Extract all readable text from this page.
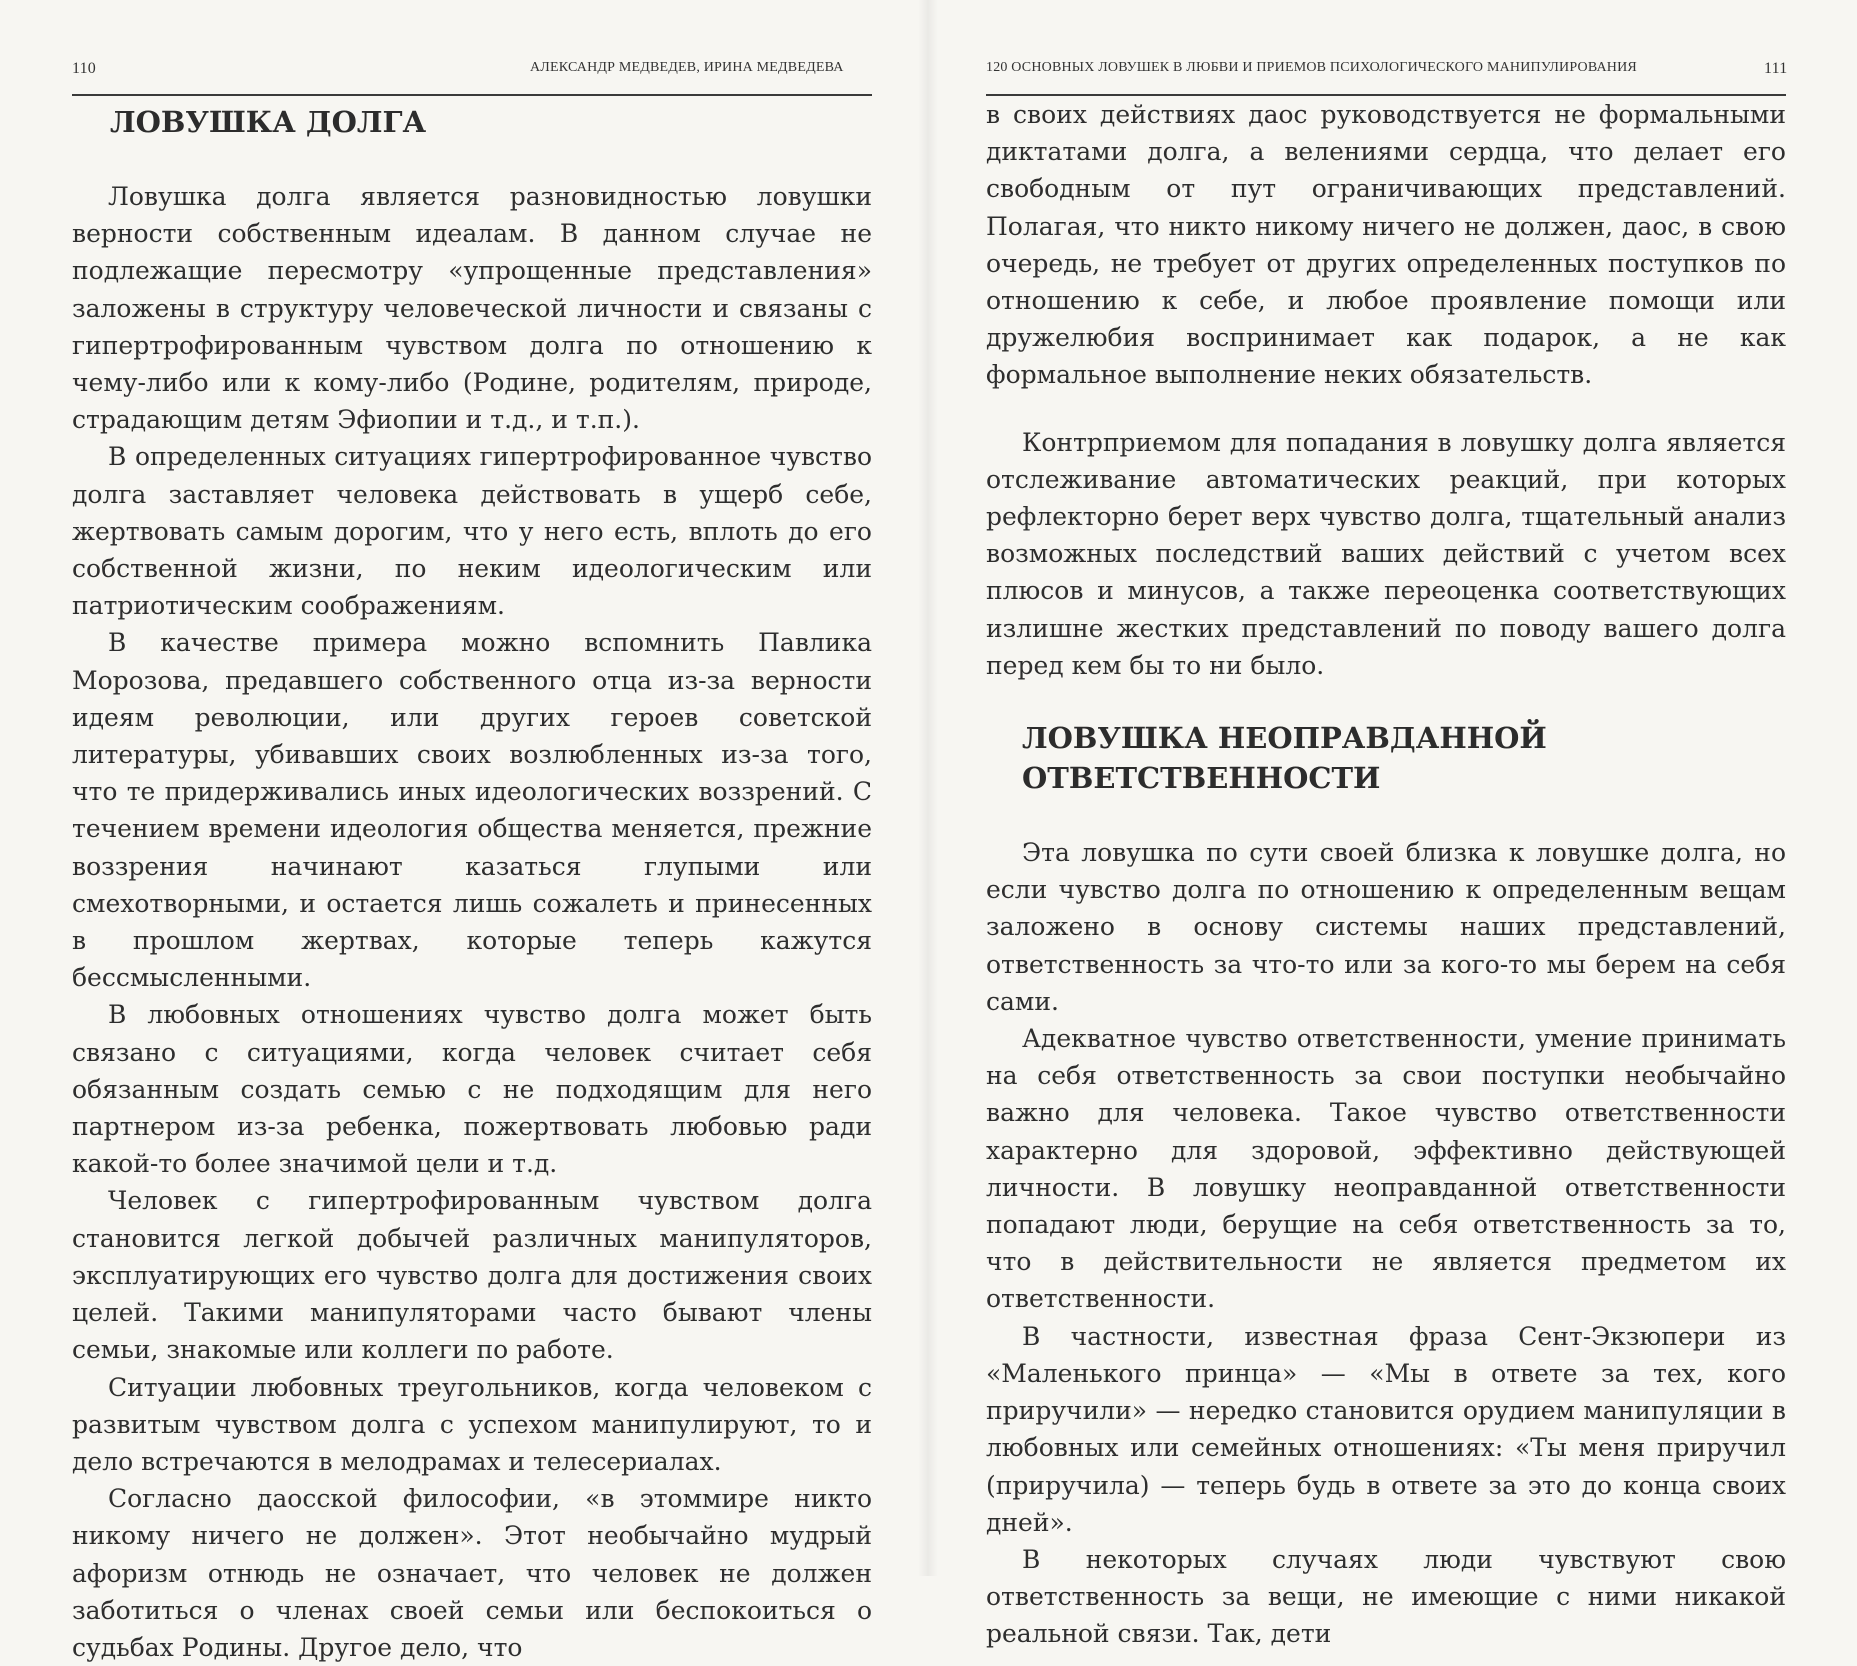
110	АЛЕКСАНДР МЕДВЕДЕВ, ИРИНА МЕДВЕДЕВА
ЛОВУШКА ДОЛГА

Ловушка долга является разновидностью ловушки верности собственным идеалам. В данном случае не подлежащие пересмотру «упрощенные представления» заложены в структуру человеческой личности и связаны с гипертрофированным чувством долга по отношению к чему-либо или к кому-либо (Родине, родителям, природе, страдающим детям Эфиопии и т.д., и т.п.).

В определенных ситуациях гипертрофированное чувство долга заставляет человека действовать в ущерб себе, жертвовать самым дорогим, что у него есть, вплоть до его собственной жизни, по неким идеологическим или патриотическим соображениям.

В качестве примера можно вспомнить Павлика Морозова, предавшего собственного отца из-за верности идеям революции, или других героев советской литературы, убивавших своих возлюбленных из-за того, что те придерживались иных идеологических воззрений. С течением времени идеология общества меняется, прежние воззрения начинают казаться глупыми или смехотворными, и остается лишь сожалеть и принесенных в прошлом жертвах, которые теперь кажутся бессмысленными.

В любовных отношениях чувство долга может быть связано с ситуациями, когда человек считает себя обязанным создать семью с не подходящим для него партнером из-за ребенка, пожертвовать любовью ради какой-то более значимой цели и т.д.

Человек с гипертрофированным чувством долга становится легкой добычей различных манипуляторов, эксплуатирующих его чувство долга для достижения своих целей. Такими манипуляторами часто бывают члены семьи, знакомые или коллеги по работе.

Ситуации любовных треугольников, когда человеком с развитым чувством долга с успехом манипулируют, то и дело встречаются в мелодрамах и телесериалах.

Согласно даосской философии, «в этоммире никто никому ничего не должен». Этот необычайно мудрый афоризм отнюдь не означает, что человек не должен заботиться о членах своей семьи или беспокоиться о судьбах Родины. Другое дело, что

120 ОСНОВНЫХ ЛОВУШЕК В ЛЮБВИ И ПРИЕМОВ ПСИХОЛОГИЧЕСКОГО МАНИПУЛИРОВАНИЯ	111

в своих действиях даос руководствуется не формальными диктатами долга, а велениями сердца, что делает его свободным от пут ограничивающих представлений. Полагая, что никто никому ничего не должен, даос, в свою очередь, не требует от других определенных поступков по отношению к себе, и любое проявление помощи или дружелюбия воспринимает как подарок, а не как формальное выполнение неких обязательств.

Контрприемом для попадания в ловушку долга является отслеживание автоматических реакций, при которых рефлекторно берет верх чувство долга, тщательный анализ возможных последствий ваших действий с учетом всех плюсов и минусов, а также переоценка соответствующих излишне жестких представлений по поводу вашего долга перед кем бы то ни было.

ЛОВУШКА НЕОПРАВДАННОЙ
ОТВЕТСТВЕННОСТИ

Эта ловушка по сути своей близка к ловушке долга, но если чувство долга по отношению к определенным вещам заложено в основу системы наших представлений, ответственность за что-то или за кого-то мы берем на себя сами.

Адекватное чувство ответственности, умение принимать на себя ответственность за свои поступки необычайно важно для человека. Такое чувство ответственности характерно для здоровой, эффективно действующей личности. В ловушку неоправданной ответственности попадают люди, берущие на себя ответственность за то, что в действительности не является предметом их ответственности.

В частности, известная фраза Сент-Экзюпери из «Маленького принца» — «Мы в ответе за тех, кого приручили» — нередко становится орудием манипуляции в любовных или семейных отношениях: «Ты меня приручил (приручила) — теперь будь в ответе за это до конца своих дней».

В некоторых случаях люди чувствуют свою ответственность за вещи, не имеющие с ними никакой реальной связи. Так, дети
